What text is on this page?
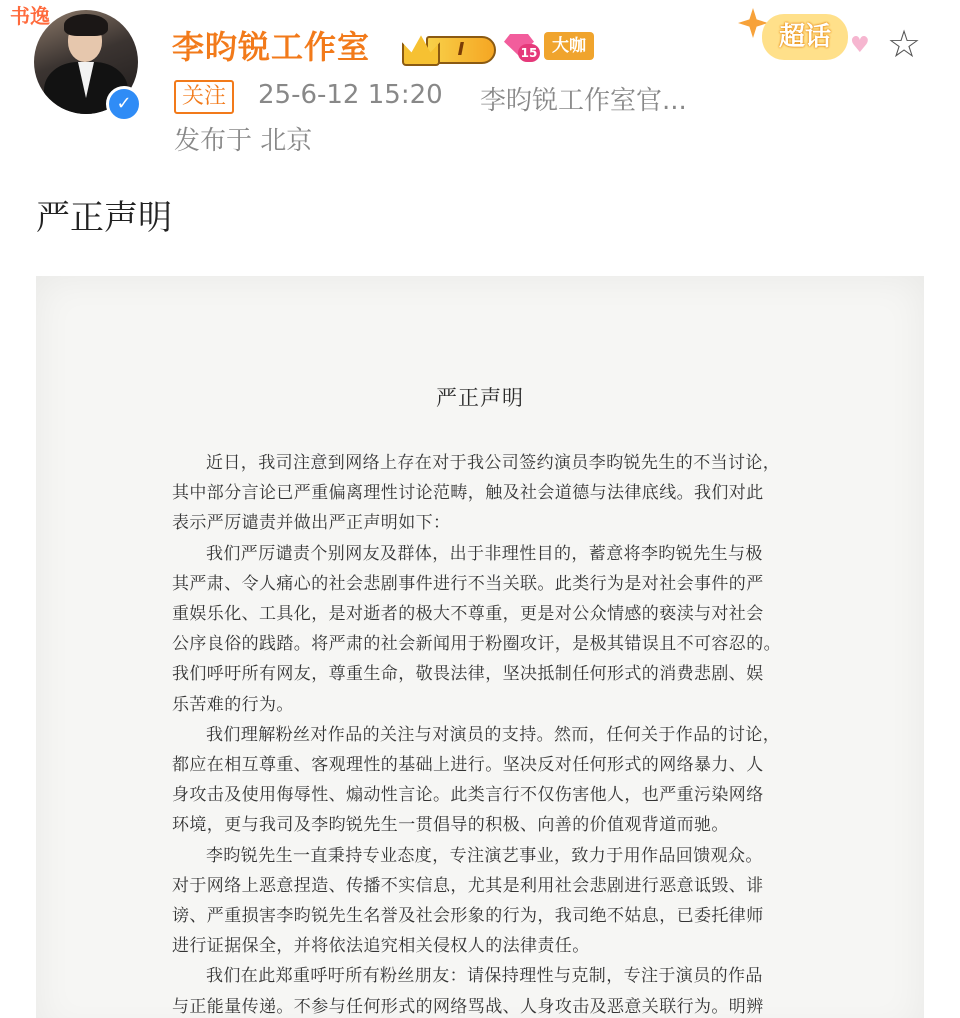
书逸
✓
李昀锐工作室	I	15 大咖
关注	25-6-12 15:20 李昀锐工作室官...
发布于 北京
超话 ♥ ☆
严正声明
严正声明
近日，我司注意到网络上存在对于我公司签约演员李昀锐先生的不当讨论，
其中部分言论已严重偏离理性讨论范畴，触及社会道德与法律底线。我们对此
表示严厉谴责并做出严正声明如下：
我们严厉谴责个别网友及群体，出于非理性目的，蓄意将李昀锐先生与极
其严肃、令人痛心的社会悲剧事件进行不当关联。此类行为是对社会事件的严
重娱乐化、工具化，是对逝者的极大不尊重，更是对公众情感的亵渎与对社会
公序良俗的践踏。将严肃的社会新闻用于粉圈攻讦，是极其错误且不可容忍的。
我们呼吁所有网友，尊重生命，敬畏法律，坚决抵制任何形式的消费悲剧、娱
乐苦难的行为。
我们理解粉丝对作品的关注与对演员的支持。然而，任何关于作品的讨论，
都应在相互尊重、客观理性的基础上进行。坚决反对任何形式的网络暴力、人
身攻击及使用侮辱性、煽动性言论。此类言行不仅伤害他人，也严重污染网络
环境，更与我司及李昀锐先生一贯倡导的积极、向善的价值观背道而驰。
李昀锐先生一直秉持专业态度，专注演艺事业，致力于用作品回馈观众。
对于网络上恶意捏造、传播不实信息，尤其是利用社会悲剧进行恶意诋毁、诽
谤、严重损害李昀锐先生名誉及社会形象的行为，我司绝不姑息，已委托律师
进行证据保全，并将依法追究相关侵权人的法律责任。
我们在此郑重呼吁所有粉丝朋友：请保持理性与克制，专注于演员的作品
与正能量传递。不参与任何形式的网络骂战、人身攻击及恶意关联行为。明辨
